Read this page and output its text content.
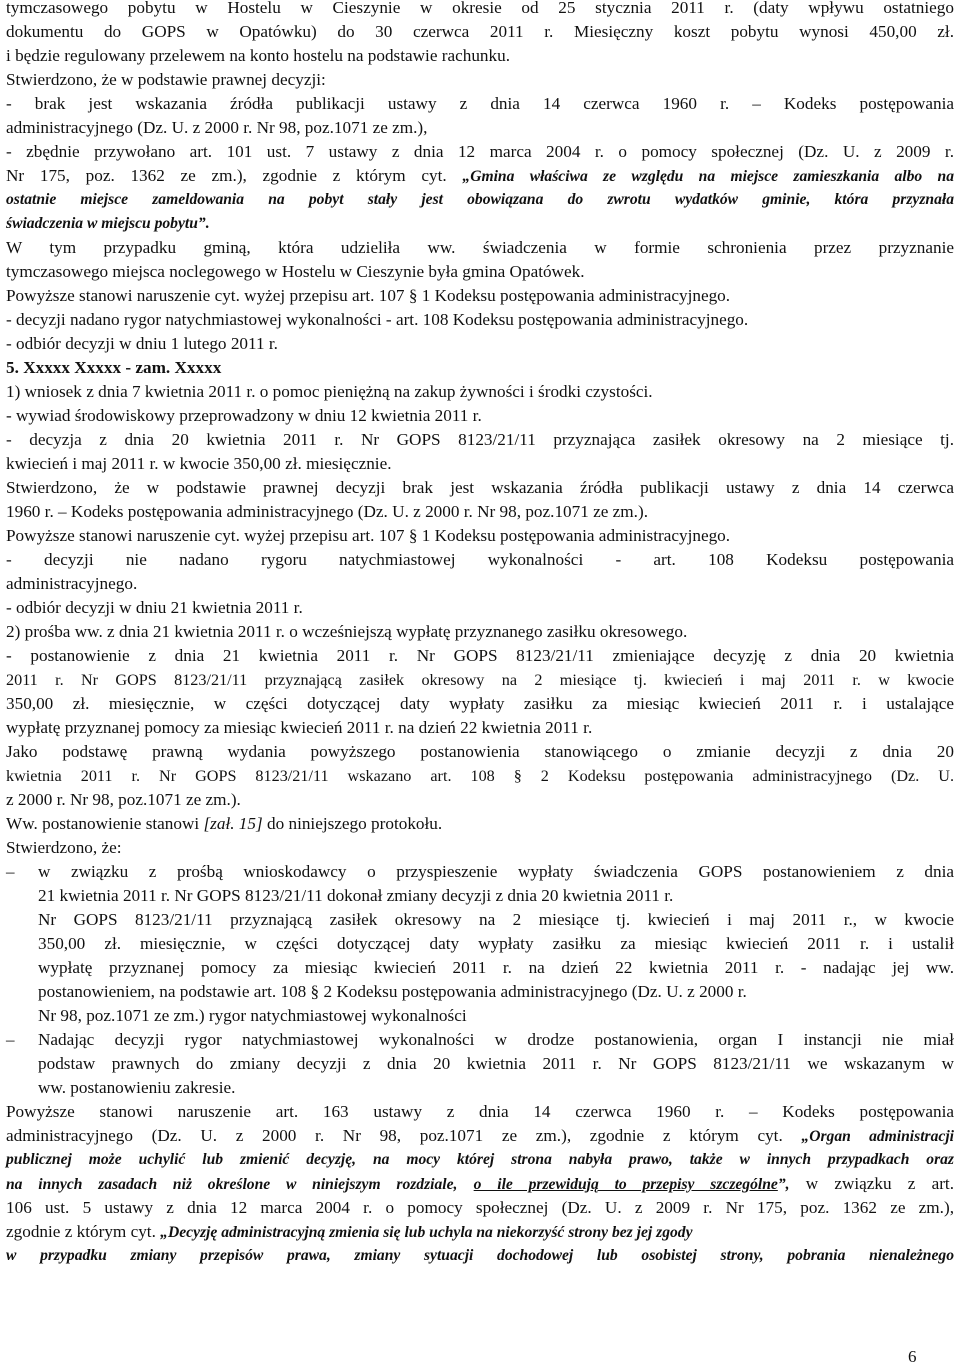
tymczasowego pobytu w Hostelu w Cieszynie w okresie od 25 stycznia 2011 r. (daty wpływu ostatniego
dokumentu do GOPS w Opatówku) do 30 czerwca 2011 r. Miesięczny koszt pobytu wynosi 450,00 zł.
i będzie regulowany przelewem na konto hostelu na podstawie rachunku.
Stwierdzono, że w podstawie prawnej decyzji:
- brak jest wskazania źródła publikacji ustawy z dnia 14 czerwca 1960 r. – Kodeks postępowania
administracyjnego (Dz. U. z 2000 r. Nr 98, poz.1071 ze zm.),
- zbędnie przywołano art. 101 ust. 7 ustawy z dnia 12 marca 2004 r. o pomocy społecznej (Dz. U. z 2009 r.
Nr 175, poz. 1362 ze zm.), zgodnie z którym cyt. „Gmina właściwa ze względu na miejsce zamieszkania albo na
ostatnie miejsce zameldowania na pobyt stały jest obowiązana do zwrotu wydatków gminie, która przyznała
świadczenia w miejscu pobytu”.
W tym przypadku gminą, która udzieliła ww. świadczenia w formie schronienia przez przyznanie
tymczasowego miejsca noclegowego w Hostelu w Cieszynie była gmina Opatówek.
Powyższe stanowi naruszenie cyt. wyżej przepisu art. 107 § 1 Kodeksu postępowania administracyjnego.
- decyzji nadano rygor natychmiastowej wykonalności - art. 108 Kodeksu postępowania administracyjnego.
- odbiór decyzji w dniu 1 lutego 2011 r.
5. Xxxxx Xxxxx - zam. Xxxxx
1) wniosek z dnia 7 kwietnia 2011 r. o pomoc pieniężną na zakup żywności i środki czystości.
- wywiad środowiskowy przeprowadzony w dniu 12 kwietnia 2011 r.
- decyzja z dnia 20 kwietnia 2011 r. Nr GOPS 8123/21/11 przyznająca zasiłek okresowy na 2 miesiące tj.
kwiecień i maj 2011 r. w kwocie 350,00 zł. miesięcznie.
Stwierdzono, że w podstawie prawnej decyzji brak jest wskazania źródła publikacji ustawy z dnia 14 czerwca
1960 r. – Kodeks postępowania administracyjnego (Dz. U. z 2000 r. Nr 98, poz.1071 ze zm.).
Powyższe stanowi naruszenie cyt. wyżej przepisu art. 107 § 1 Kodeksu postępowania administracyjnego.
- decyzji nie nadano rygoru natychmiastowej wykonalności - art. 108 Kodeksu postępowania
administracyjnego.
- odbiór decyzji w dniu 21 kwietnia 2011 r.
2) prośba ww. z dnia 21 kwietnia 2011 r. o wcześniejszą wypłatę przyznanego zasiłku okresowego.
- postanowienie z dnia 21 kwietnia 2011 r. Nr GOPS 8123/21/11 zmieniające decyzję z dnia 20 kwietnia
2011 r. Nr GOPS 8123/21/11 przyznającą zasiłek okresowy na 2 miesiące tj. kwiecień i maj 2011 r. w kwocie
350,00 zł. miesięcznie, w części dotyczącej daty wypłaty zasiłku za miesiąc kwiecień 2011 r. i ustalające
wypłatę przyznanej pomocy za miesiąc kwiecień 2011 r. na dzień 22 kwietnia 2011 r.
Jako podstawę prawną wydania powyższego postanowienia stanowiącego o zmianie decyzji z dnia 20
kwietnia 2011 r. Nr GOPS 8123/21/11 wskazano art. 108 § 2 Kodeksu postępowania administracyjnego (Dz. U.
z 2000 r. Nr 98, poz.1071 ze zm.).
Ww. postanowienie stanowi [zał. 15] do niniejszego protokołu.
Stwierdzono, że:
–	w związku z prośbą wnioskodawcy o przyspieszenie wypłaty świadczenia GOPS postanowieniem z dnia
21 kwietnia 2011 r. Nr GOPS 8123/21/11 dokonał zmiany decyzji z dnia 20 kwietnia 2011 r.
Nr GOPS 8123/21/11 przyznającą zasiłek okresowy na 2 miesiące tj. kwiecień i maj 2011 r., w kwocie
350,00 zł. miesięcznie, w części dotyczącej daty wypłaty zasiłku za miesiąc kwiecień 2011 r. i ustalił
wypłatę przyznanej pomocy za miesiąc kwiecień 2011 r. na dzień 22 kwietnia 2011 r. - nadając jej ww.
postanowieniem, na podstawie art. 108 § 2 Kodeksu postępowania administracyjnego (Dz. U. z 2000 r.
Nr 98, poz.1071 ze zm.) rygor natychmiastowej wykonalności
–	Nadając decyzji rygor natychmiastowej wykonalności w drodze postanowienia, organ I instancji nie miał
podstaw prawnych do zmiany decyzji z dnia 20 kwietnia 2011 r. Nr GOPS 8123/21/11 we wskazanym w
ww. postanowieniu zakresie.
Powyższe stanowi naruszenie art. 163 ustawy z dnia 14 czerwca 1960 r. – Kodeks postępowania
administracyjnego (Dz. U. z 2000 r. Nr 98, poz.1071 ze zm.), zgodnie z którym cyt. „Organ administracji
publicznej może uchylić lub zmienić decyzję, na mocy której strona nabyła prawo, także w innych przypadkach oraz
na innych zasadach niż określone w niniejszym rozdziale, o ile przewidują to przepisy szczególne”, w związku z art.
106 ust. 5 ustawy z dnia 12 marca 2004 r. o pomocy społecznej (Dz. U. z 2009 r. Nr 175, poz. 1362 ze zm.),
zgodnie z którym cyt. „Decyzję administracyjną zmienia się lub uchyla na niekorzyść strony bez jej zgody
w przypadku zmiany przepisów prawa, zmiany sytuacji dochodowej lub osobistej strony, pobrania nienależnego
6
